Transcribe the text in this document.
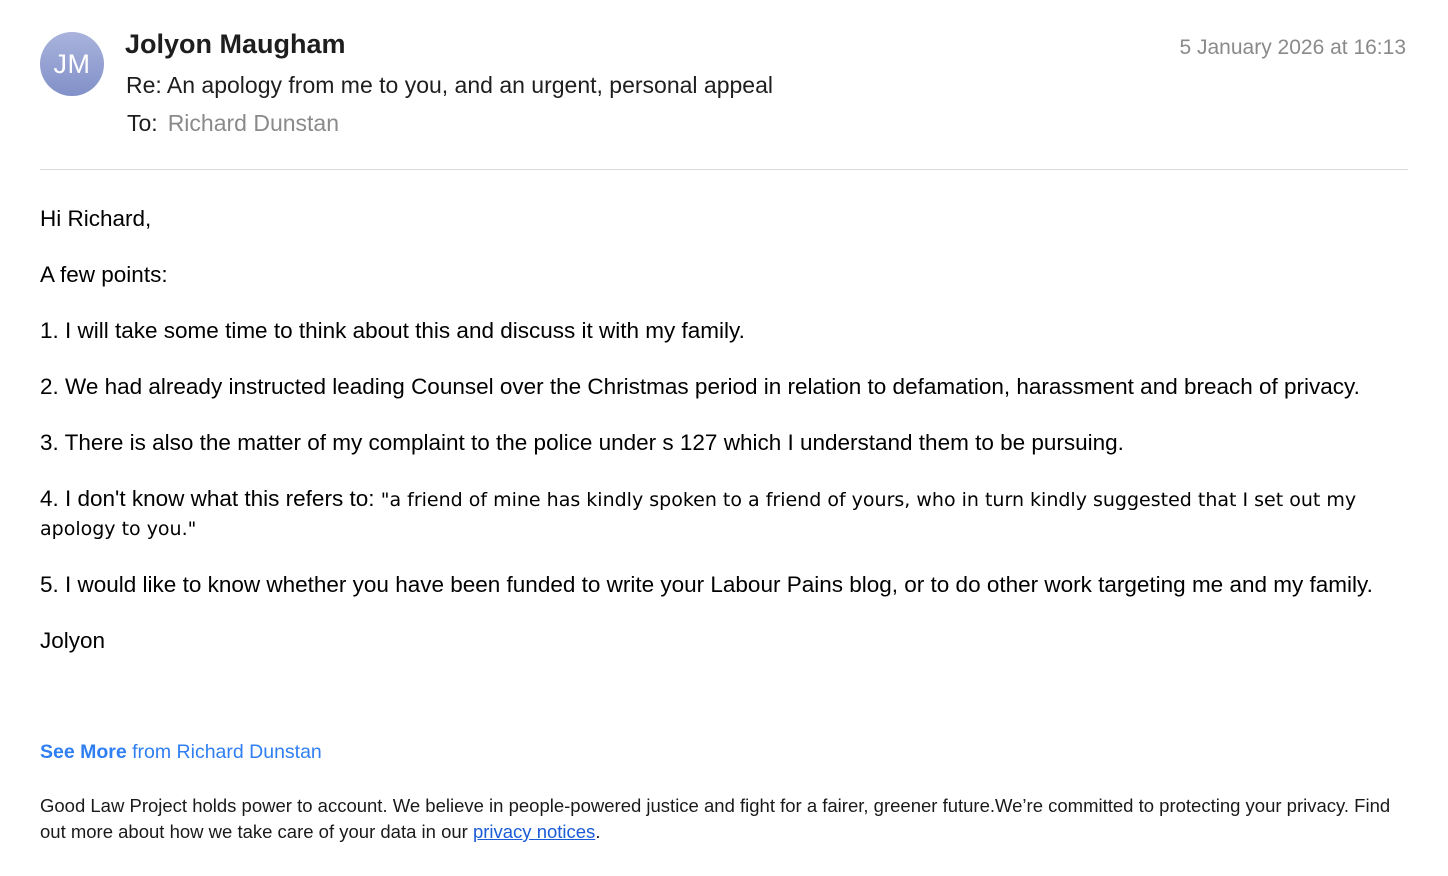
JM
Jolyon Maugham	5 January 2026 at 16:13
Re: An apology from me to you, and an urgent, personal appeal
To: Richard Dunstan

Hi Richard,

A few points:

1. I will take some time to think about this and discuss it with my family.

2. We had already instructed leading Counsel over the Christmas period in relation to defamation, harassment and breach of privacy.

3. There is also the matter of my complaint to the police under s 127 which I understand them to be pursuing.

4. I don't know what this refers to: "a friend of mine has kindly spoken to a friend of yours, who in turn kindly suggested that I set out my apology to you."

5. I would like to know whether you have been funded to write your Labour Pains blog, or to do other work targeting me and my family.

Jolyon

See More from Richard Dunstan
Good Law Project holds power to account. We believe in people-powered justice and fight for a fairer, greener future.We’re committed to protecting your privacy. Find out more about how we take care of your data in our privacy notices.
